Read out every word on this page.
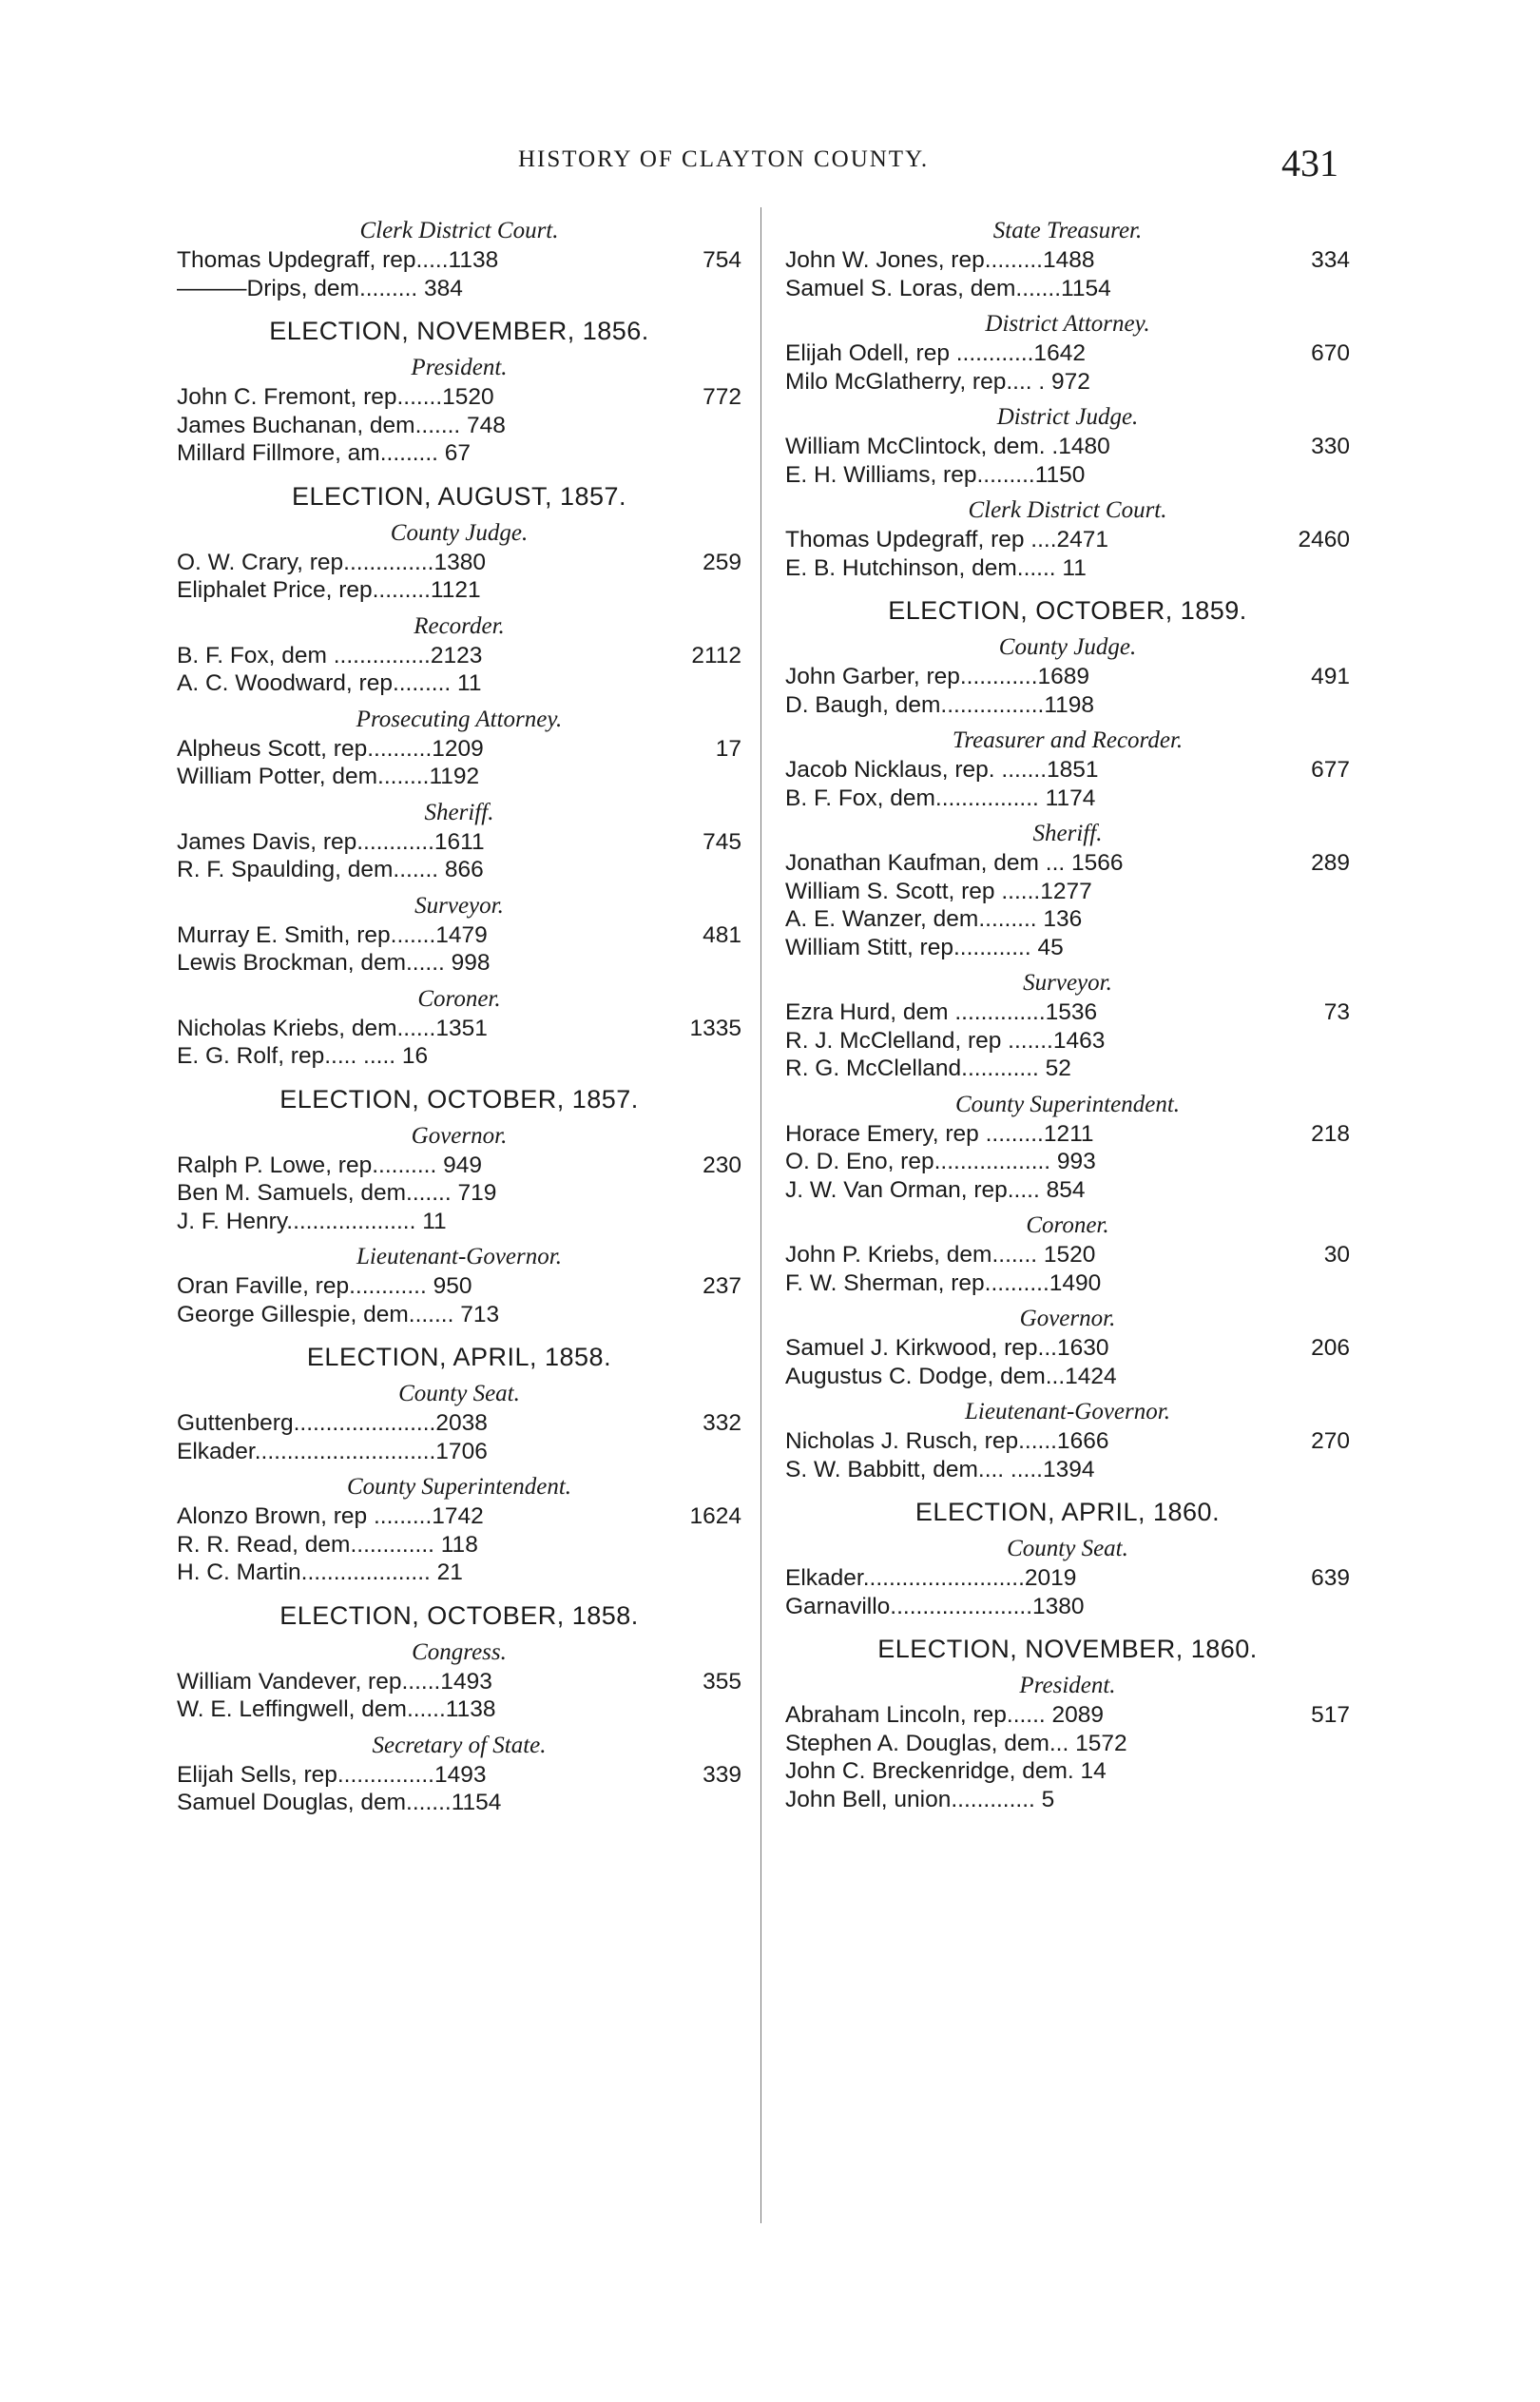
HISTORY OF CLAYTON COUNTY.	431
Clerk District Court.
Thomas Updegraff, rep.....1138	754
———Drips, dem......... 384
ELECTION, NOVEMBER, 1856.
President.
John C. Fremont, rep.......1520	772
James Buchanan, dem....... 748
Millard Fillmore, am......... 67
ELECTION, AUGUST, 1857.
County Judge.
O. W. Crary, rep..............1380	259
Eliphalet Price, rep.........1121
Recorder.
B. F. Fox, dem ...............2123	2112
A. C. Woodward, rep......... 11
Prosecuting Attorney.
Alpheus Scott, rep..........1209	17
William Potter, dem........1192
Sheriff.
James Davis, rep............1611	745
R. F. Spaulding, dem....... 866
Surveyor.
Murray E. Smith, rep.......1479	481
Lewis Brockman, dem...... 998
Coroner.
Nicholas Kriebs, dem......1351	1335
E. G. Rolf, rep..... ..... 16
ELECTION, OCTOBER, 1857.
Governor.
Ralph P. Lowe, rep.......... 949	230
Ben M. Samuels, dem....... 719
J. F. Henry.................... 11
Lieutenant-Governor.
Oran Faville, rep............ 950	237
George Gillespie, dem....... 713
ELECTION, APRIL, 1858.
County Seat.
Guttenberg......................2038	332
Elkader............................1706
County Superintendent.
Alonzo Brown, rep .........1742	1624
R. R. Read, dem............. 118
H. C. Martin.................... 21
ELECTION, OCTOBER, 1858.
Congress.
William Vandever, rep......1493	355
W. E. Leffingwell, dem......1138
Secretary of State.
Elijah Sells, rep...............1493	339
Samuel Douglas, dem.......1154
State Treasurer.
John W. Jones, rep.........1488	334
Samuel S. Loras, dem.......1154
District Attorney.
Elijah Odell, rep ............1642	670
Milo McGlatherry, rep.... . 972
District Judge.
William McClintock, dem. .1480	330
E. H. Williams, rep.........1150
Clerk District Court.
Thomas Updegraff, rep ....2471	2460
E. B. Hutchinson, dem...... 11
ELECTION, OCTOBER, 1859.
County Judge.
John Garber, rep............1689	491
D. Baugh, dem................1198
Treasurer and Recorder.
Jacob Nicklaus, rep. .......1851	677
B. F. Fox, dem................ 1174
Sheriff.
Jonathan Kaufman, dem ... 1566	289
William S. Scott, rep ......1277
A. E. Wanzer, dem......... 136
William Stitt, rep............ 45
Surveyor.
Ezra Hurd, dem ..............1536	73
R. J. McClelland, rep .......1463
R. G. McClelland............ 52
County Superintendent.
Horace Emery, rep .........1211	218
O. D. Eno, rep.................. 993
J. W. Van Orman, rep..... 854
Coroner.
John P. Kriebs, dem....... 1520	30
F. W. Sherman, rep..........1490
Governor.
Samuel J. Kirkwood, rep...1630	206
Augustus C. Dodge, dem...1424
Lieutenant-Governor.
Nicholas J. Rusch, rep......1666	270
S. W. Babbitt, dem.... .....1394
ELECTION, APRIL, 1860.
County Seat.
Elkader.........................2019	639
Garnavillo......................1380
ELECTION, NOVEMBER, 1860.
President.
Abraham Lincoln, rep...... 2089	517
Stephen A. Douglas, dem... 1572
John C. Breckenridge, dem. 14
John Bell, union............. 5
